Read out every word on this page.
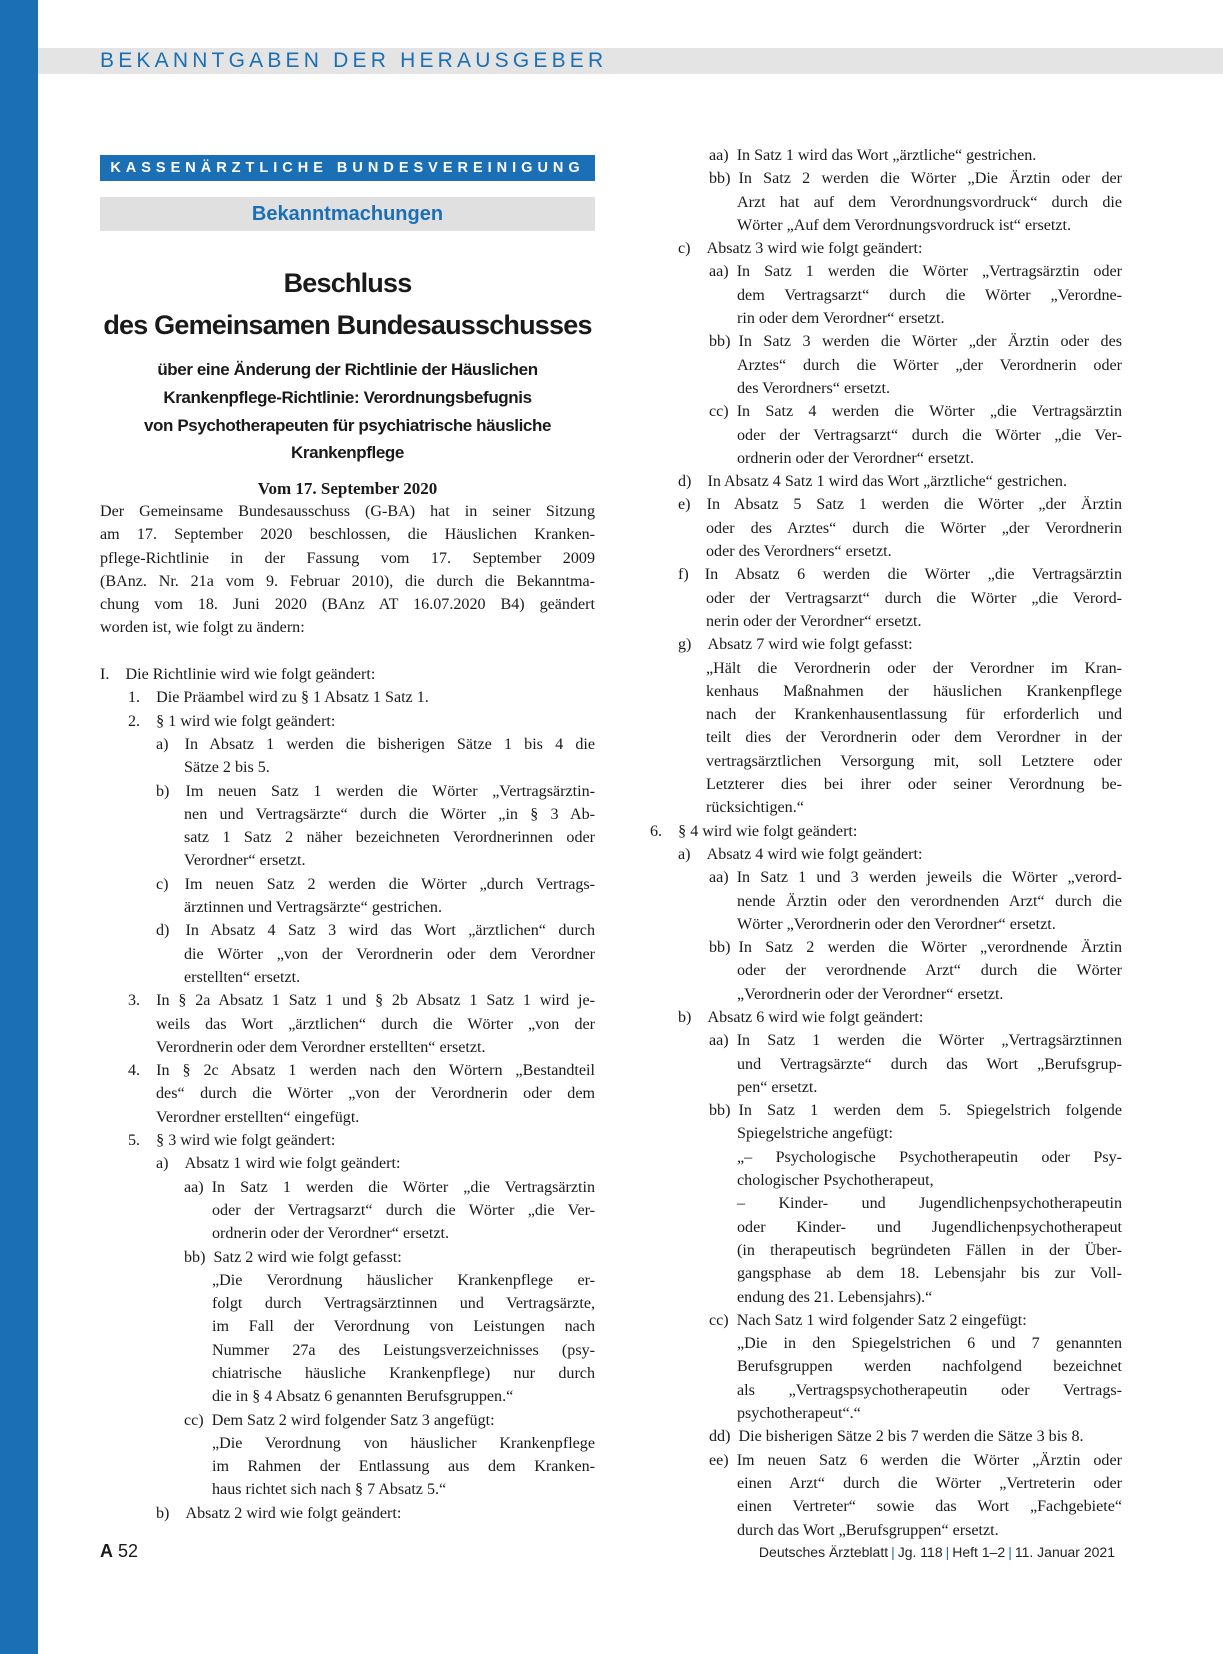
BEKANNTGABEN DER HERAUSGEBER
KASSENÄRZTLICHE BUNDESVEREINIGUNG
Bekanntmachungen
Beschluss
des Gemeinsamen Bundesausschusses
über eine Änderung der Richtlinie der Häuslichen
Krankenpflege-Richtlinie: Verordnungsbefugnis
von Psychotherapeuten für psychiatrische häusliche
Krankenpflege
Vom 17. September 2020
Der Gemeinsame Bundesausschuss (G-BA) hat in seiner Sitzung
am 17. September 2020 beschlossen, die Häuslichen Kranken-
pflege-Richtlinie in der Fassung vom 17. September 2009
(BAnz. Nr. 21a vom 9. Februar 2010), die durch die Bekanntma-
chung vom 18. Juni 2020 (BAnz AT 16.07.2020 B4) geändert
worden ist, wie folgt zu ändern:
I. Die Richtlinie wird wie folgt geändert:
1. Die Präambel wird zu § 1 Absatz 1 Satz 1.
2. § 1 wird wie folgt geändert:
a) In Absatz 1 werden die bisherigen Sätze 1 bis 4 die
Sätze 2 bis 5.
b) Im neuen Satz 1 werden die Wörter „Vertragsärztin-
nen und Vertragsärzte“ durch die Wörter „in § 3 Ab-
satz 1 Satz 2 näher bezeichneten Verordnerinnen oder
Verordner“ ersetzt.
c) Im neuen Satz 2 werden die Wörter „durch Vertrags-
ärztinnen und Vertragsärzte“ gestrichen.
d) In Absatz 4 Satz 3 wird das Wort „ärztlichen“ durch
die Wörter „von der Verordnerin oder dem Verordner
erstellten“ ersetzt.
3. In § 2a Absatz 1 Satz 1 und § 2b Absatz 1 Satz 1 wird je-
weils das Wort „ärztlichen“ durch die Wörter „von der
Verordnerin oder dem Verordner erstellten“ ersetzt.
4. In § 2c Absatz 1 werden nach den Wörtern „Bestandteil
des“ durch die Wörter „von der Verordnerin oder dem
Verordner erstellten“ eingefügt.
5. § 3 wird wie folgt geändert:
a) Absatz 1 wird wie folgt geändert:
aa) In Satz 1 werden die Wörter „die Vertragsärztin
oder der Vertragsarzt“ durch die Wörter „die Ver-
ordnerin oder der Verordner“ ersetzt.
bb) Satz 2 wird wie folgt gefasst:
„Die Verordnung häuslicher Krankenpflege er-
folgt durch Vertragsärztinnen und Vertragsärzte,
im Fall der Verordnung von Leistungen nach
Nummer 27a des Leistungsverzeichnisses (psy-
chiatrische häusliche Krankenpflege) nur durch
die in § 4 Absatz 6 genannten Berufsgruppen.“
cc) Dem Satz 2 wird folgender Satz 3 angefügt:
„Die Verordnung von häuslicher Krankenpflege
im Rahmen der Entlassung aus dem Kranken-
haus richtet sich nach § 7 Absatz 5.“
b) Absatz 2 wird wie folgt geändert:
aa) In Satz 1 wird das Wort „ärztliche“ gestrichen.
bb) In Satz 2 werden die Wörter „Die Ärztin oder der
Arzt hat auf dem Verordnungsvordruck“ durch die
Wörter „Auf dem Verordnungsvordruck ist“ ersetzt.
c) Absatz 3 wird wie folgt geändert:
aa) In Satz 1 werden die Wörter „Vertragsärztin oder
dem Vertragsarzt“ durch die Wörter „Verordne-
rin oder dem Verordner“ ersetzt.
bb) In Satz 3 werden die Wörter „der Ärztin oder des
Arztes“ durch die Wörter „der Verordnerin oder
des Verordners“ ersetzt.
cc) In Satz 4 werden die Wörter „die Vertragsärztin
oder der Vertragsarzt“ durch die Wörter „die Ver-
ordnerin oder der Verordner“ ersetzt.
d) In Absatz 4 Satz 1 wird das Wort „ärztliche“ gestrichen.
e) In Absatz 5 Satz 1 werden die Wörter „der Ärztin
oder des Arztes“ durch die Wörter „der Verordnerin
oder des Verordners“ ersetzt.
f) In Absatz 6 werden die Wörter „die Vertragsärztin
oder der Vertragsarzt“ durch die Wörter „die Verord-
nerin oder der Verordner“ ersetzt.
g) Absatz 7 wird wie folgt gefasst:
„Hält die Verordnerin oder der Verordner im Kran-
kenhaus Maßnahmen der häuslichen Krankenpflege
nach der Krankenhausentlassung für erforderlich und
teilt dies der Verordnerin oder dem Verordner in der
vertragsärztlichen Versorgung mit, soll Letztere oder
Letzterer dies bei ihrer oder seiner Verordnung be-
rücksichtigen.“
6. § 4 wird wie folgt geändert:
a) Absatz 4 wird wie folgt geändert:
aa) In Satz 1 und 3 werden jeweils die Wörter „verord-
nende Ärztin oder den verordnenden Arzt“ durch die
Wörter „Verordnerin oder den Verordner“ ersetzt.
bb) In Satz 2 werden die Wörter „verordnende Ärztin
oder der verordnende Arzt“ durch die Wörter
„Verordnerin oder der Verordner“ ersetzt.
b) Absatz 6 wird wie folgt geändert:
aa) In Satz 1 werden die Wörter „Vertragsärztinnen
und Vertragsärzte“ durch das Wort „Berufsgrup-
pen“ ersetzt.
bb) In Satz 1 werden dem 5. Spiegelstrich folgende
Spiegelstriche angefügt:
„– Psychologische Psychotherapeutin oder Psy-
chologischer Psychotherapeut,
– Kinder- und Jugendlichenpsychotherapeutin
oder Kinder- und Jugendlichenpsychotherapeut
(in therapeutisch begründeten Fällen in der Über-
gangsphase ab dem 18. Lebensjahr bis zur Voll-
endung des 21. Lebensjahrs).“
cc) Nach Satz 1 wird folgender Satz 2 eingefügt:
„Die in den Spiegelstrichen 6 und 7 genannten
Berufsgruppen werden nachfolgend bezeichnet
als „Vertragspsychotherapeutin oder Vertrags-
psychotherapeut“.“
dd) Die bisherigen Sätze 2 bis 7 werden die Sätze 3 bis 8.
ee) Im neuen Satz 6 werden die Wörter „Ärztin oder
einen Arzt“ durch die Wörter „Vertreterin oder
einen Vertreter“ sowie das Wort „Fachgebiete“
durch das Wort „Berufsgruppen“ ersetzt.
A 52	Deutsches Ärzteblatt | Jg. 118 | Heft 1–2 | 11. Januar 2021
